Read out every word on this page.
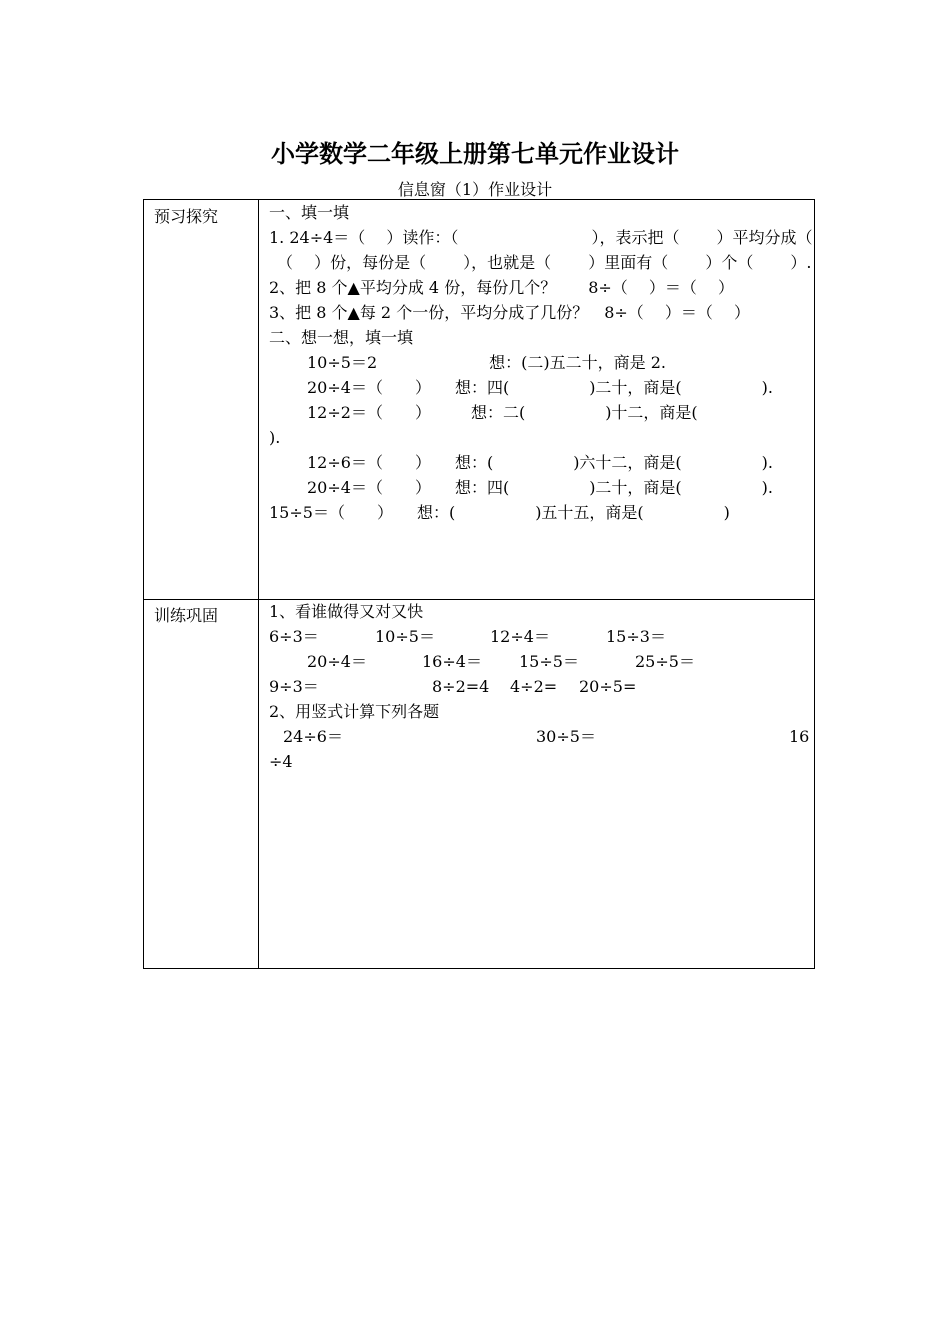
小学数学二年级上册第七单元作业设计
信息窗（1）作业设计
预习探究	一、填一填
1. 24÷4＝（　 ）读作：（　　　　　　　　 ），表示把（　　 ）平均分成（
（　 ）份，每份是（　　 ），也就是（　　 ）里面有（　　 ）个（　　 ）.
2、把 8 个▲平均分成 4 份，每份几个？　　8÷（　 ）＝（　 ）
3、把 8 个▲每 2 个一份，平均分成了几份？　8÷（　 ）＝（　 ）
二、想一想，填一填
10÷5＝2　　　　　　　想：(二)五二十，商是 2.
20÷4＝（　　）　　想：四(　　　　　)二十，商是(　　　　　).
12÷2＝（　　）　　　想：二(　　　　　)十二，商是(
).
12÷6＝（　　）　　想：(　　　　　)六十二，商是(　　　　　).
20÷4＝（　　）　　想：四(　　　　　)二十，商是(　　　　　).
15÷5＝（　　）　　想：(　　　　　)五十五，商是(　　　　　)
训练巩固	1、看谁做得又对又快
6÷3＝	10÷5＝	12÷4＝	15÷3＝
20÷4＝	16÷4＝ 15÷5＝	25÷5＝
9÷3＝	8÷2=4 4÷2= 20÷5=
2、用竖式计算下列各题
24÷6＝	30÷5＝	16
÷4
